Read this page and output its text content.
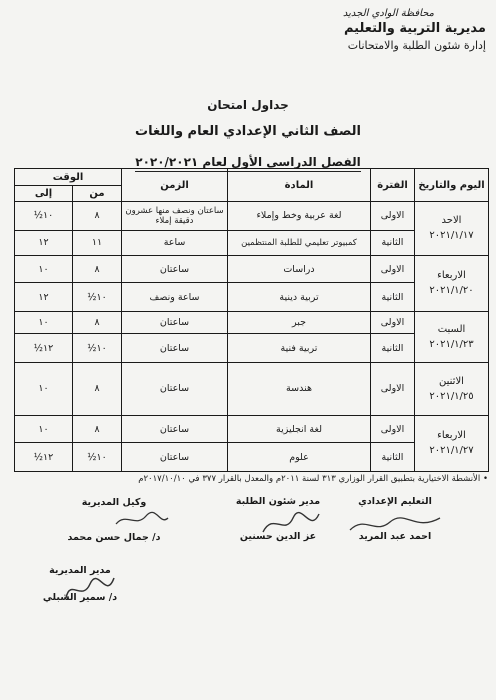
محافظة الوادي الجديد
مديرية التربية والتعليم
إدارة شئون الطلبة والامتحانات
جداول امتحان
الصف الثاني الإعدادي العام واللغات
الفصل الدراسي الأول لعام ٢٠٢٠/٢٠٢١
اليوم والتاريخ	الفترة	المادة	الزمن	الوقت	
				من	إلى

الاحد
٢٠٢١/١/١٧	الاولى	لغة عربية وخط وإملاء	ساعتان ونصف منها عشرون دقيقة إملاء	٨	١٠½
	الثانية	كمبيوتر تعليمي للطلبة المنتظمين	ساعة	١١	١٢

الاربعاء
٢٠٢١/١/٢٠	الاولى	دراسات	ساعتان	٨	١٠
	الثانية	تربية دينية	ساعة ونصف	١٠½	١٢

السبت
٢٠٢١/١/٢٣	الاولى	جبر	ساعتان	٨	١٠
	الثانية	تربية فنية	ساعتان	١٠½	١٢½

الاثنين
٢٠٢١/١/٢٥	الاولى	هندسة	ساعتان	٨	١٠

الاربعاء
٢٠٢١/١/٢٧	الاولى	لغة انجليزية	ساعتان	٨	١٠
	الثانية	علوم	ساعتان	١٠½	١٢½
• الأنشطة الاختيارية بتطبيق القرار الوزاري ٣١٣ لسنة ٢٠١١م والمعدل بالقرار ٣٧٧ في ٢٠١٧/١٠/١٠م
التعليم الإعدادي
احمد عبد المريد
مدير شئون الطلبة
عز الدين حسنين
وكيل المديرية
د/ جمال حسن محمد
مدير المديرية
د/ سمير الشبلي
